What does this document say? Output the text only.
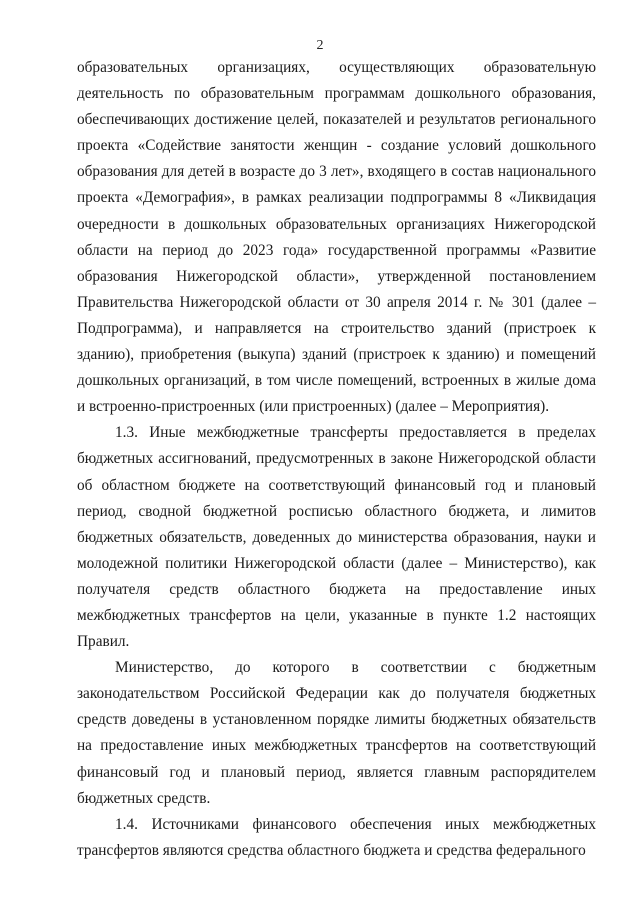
2

образовательных организациях, осуществляющих образовательную деятельность по образовательным программам дошкольного образования, обеспечивающих достижение целей, показателей и результатов регионального проекта «Содействие занятости женщин - создание условий дошкольного образования для детей в возрасте до 3 лет», входящего в состав национального проекта «Демография», в рамках реализации подпрограммы 8 «Ликвидация очередности в дошкольных образовательных организациях Нижегородской области на период до 2023 года» государственной программы «Развитие образования Нижегородской области», утвержденной постановлением Правительства Нижегородской области от 30 апреля 2014 г. № 301 (далее – Подпрограмма), и направляется на строительство зданий (пристроек к зданию), приобретения (выкупа) зданий (пристроек к зданию) и помещений дошкольных организаций, в том числе помещений, встроенных в жилые дома и встроенно-пристроенных (или пристроенных) (далее – Мероприятия).

1.3. Иные межбюджетные трансферты предоставляется в пределах бюджетных ассигнований, предусмотренных в законе Нижегородской области об областном бюджете на соответствующий финансовый год и плановый период, сводной бюджетной росписью областного бюджета, и лимитов бюджетных обязательств, доведенных до министерства образования, науки и молодежной политики Нижегородской области (далее – Министерство), как получателя средств областного бюджета на предоставление иных межбюджетных трансфертов на цели, указанные в пункте 1.2 настоящих Правил.

Министерство, до которого в соответствии с бюджетным законодательством Российской Федерации как до получателя бюджетных средств доведены в установленном порядке лимиты бюджетных обязательств на предоставление иных межбюджетных трансфертов на соответствующий финансовый год и плановый период, является главным распорядителем бюджетных средств.

1.4. Источниками финансового обеспечения иных межбюджетных трансфертов являются средства областного бюджета и средства федерального
